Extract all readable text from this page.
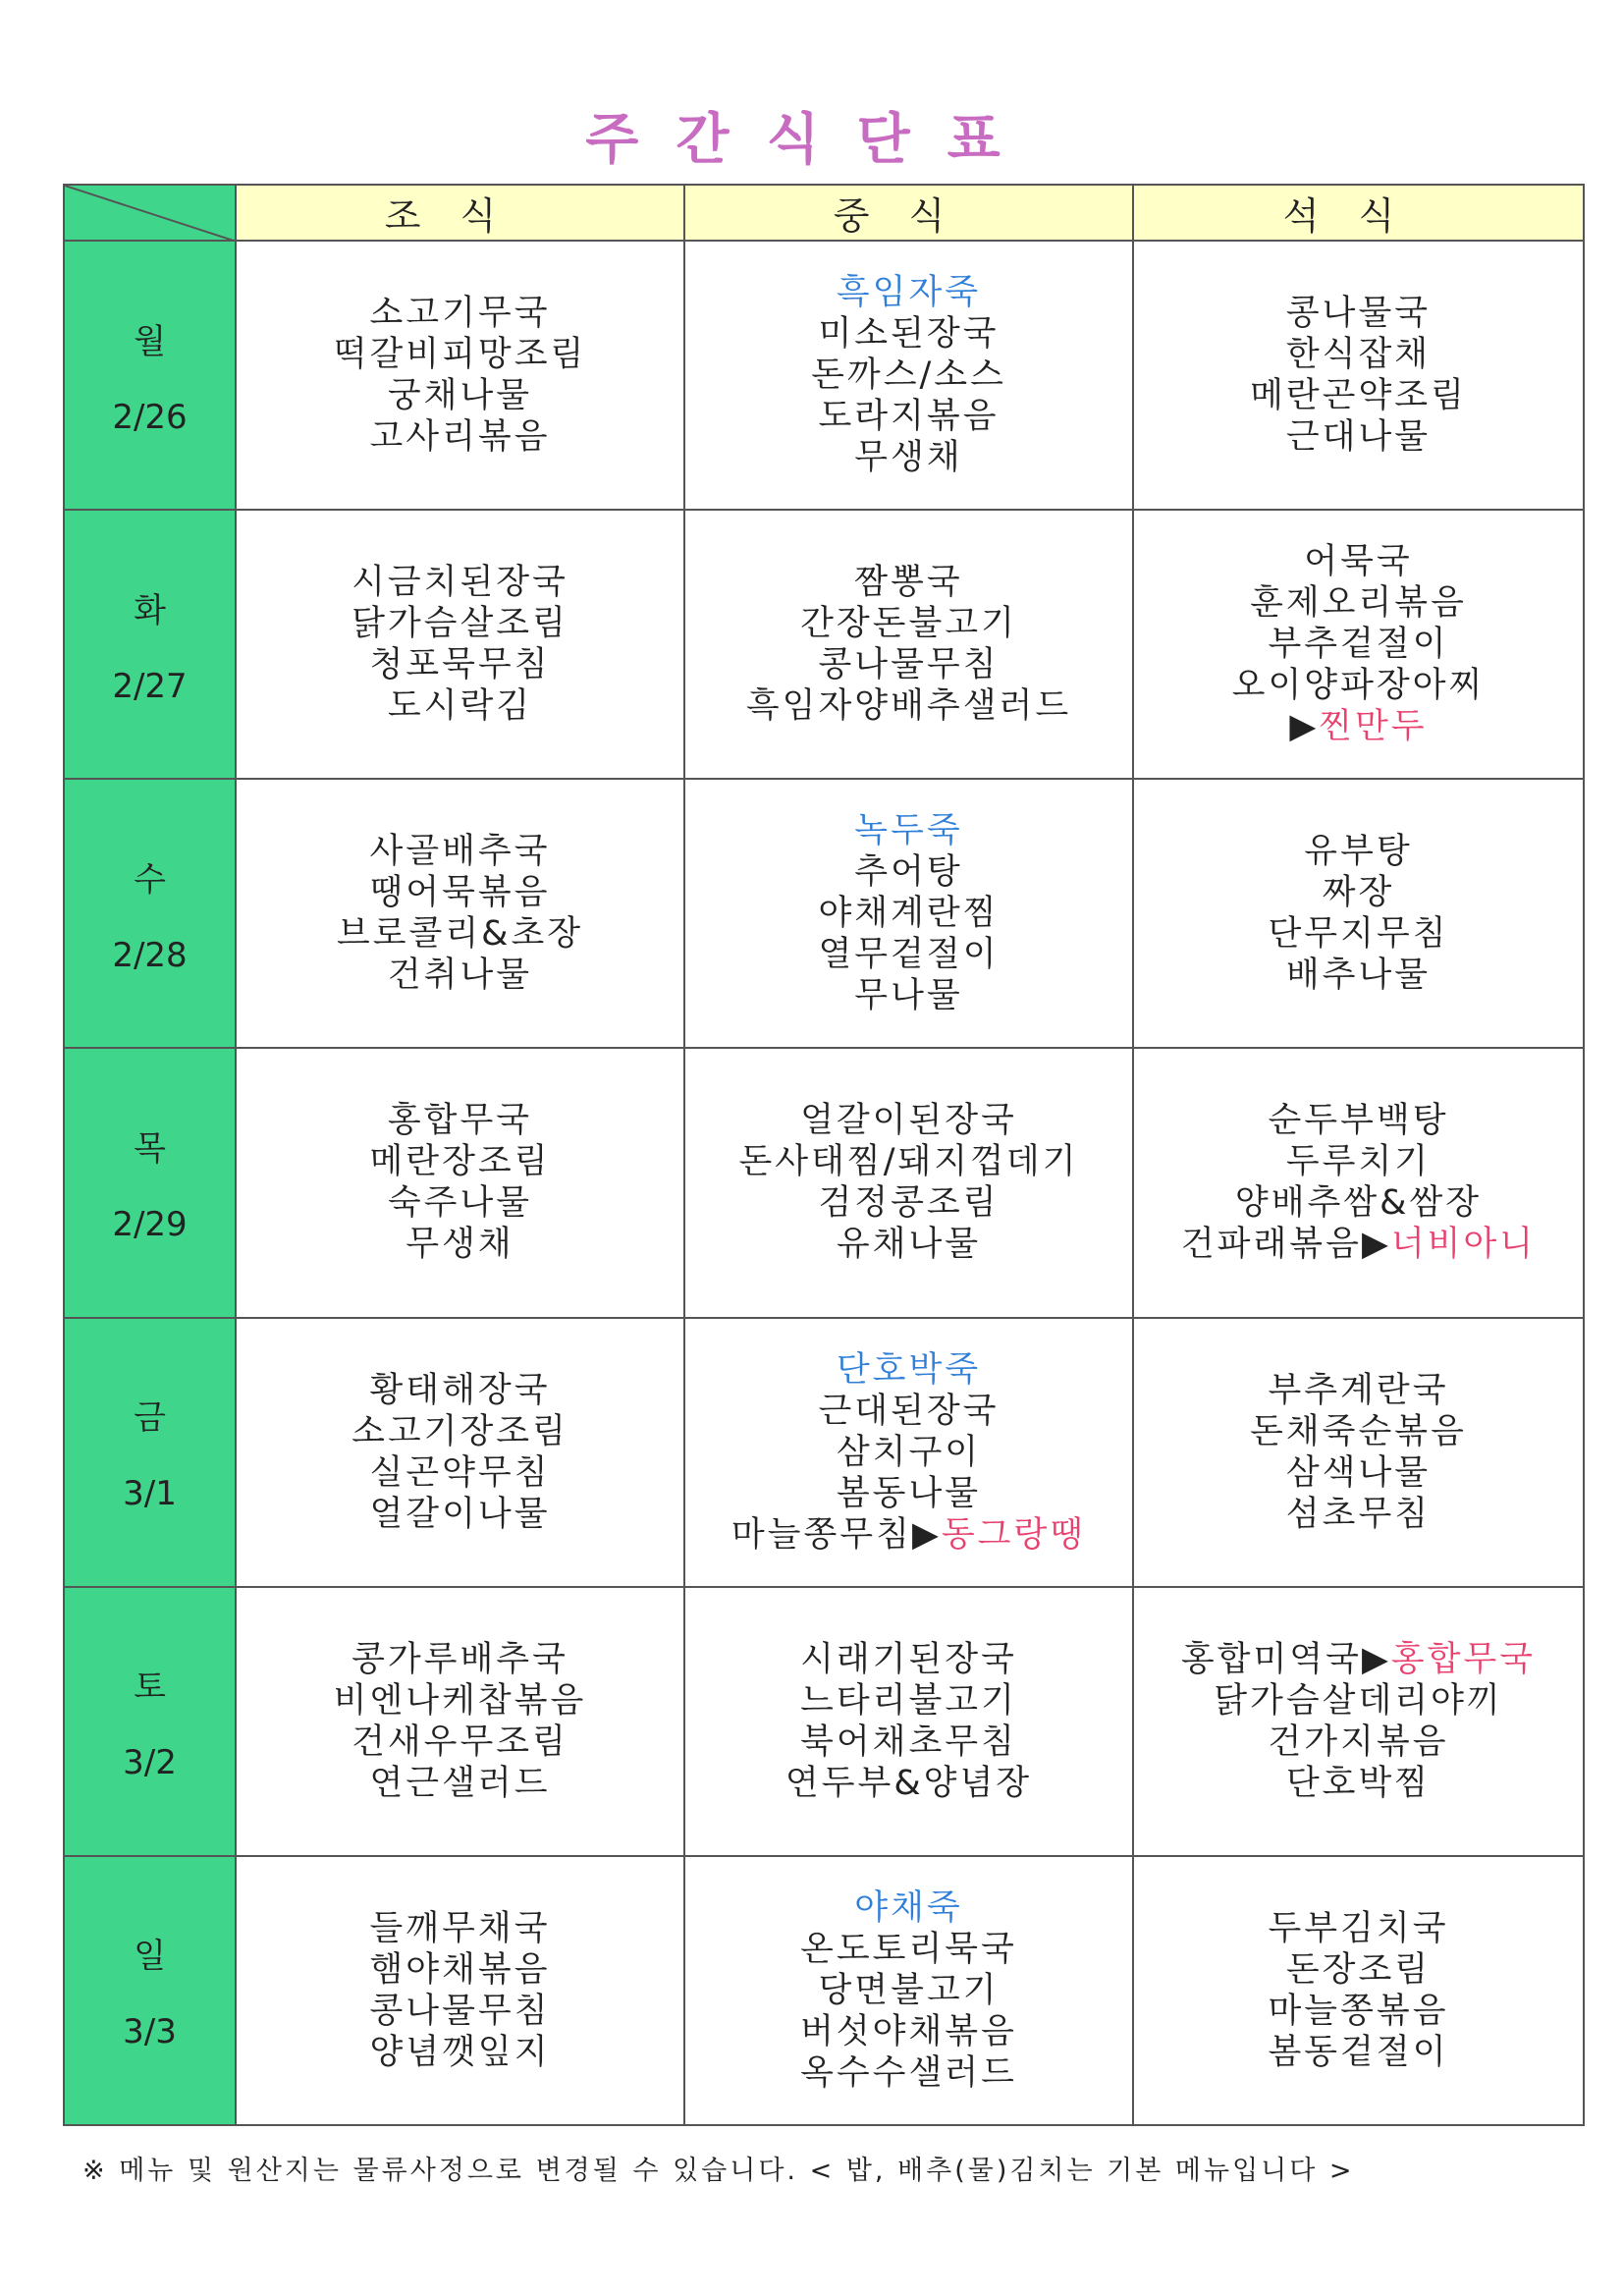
주간식단표
	조식	중식	석식

월
2/26	소고기무국
떡갈비피망조림
궁채나물
고사리볶음	흑임자죽
미소된장국
돈까스/소스
도라지볶음
무생채	콩나물국
한식잡채
메란곤약조림
근대나물

화
2/27	시금치된장국
닭가슴살조림
청포묵무침
도시락김	짬뽕국
간장돈불고기
콩나물무침
흑임자양배추샐러드	어묵국
훈제오리볶음
부추겉절이
오이양파장아찌
▶찐만두

수
2/28	사골배추국
땡어묵볶음
브로콜리&초장
건취나물	녹두죽
추어탕
야채계란찜
열무겉절이
무나물	유부탕
짜장
단무지무침
배추나물

목
2/29	홍합무국
메란장조림
숙주나물
무생채	얼갈이된장국
돈사태찜/돼지껍데기
검정콩조림
유채나물	순두부백탕
두루치기
양배추쌈&쌈장
건파래볶음▶너비아니

금
3/1	황태해장국
소고기장조림
실곤약무침
얼갈이나물	단호박죽
근대된장국
삼치구이
봄동나물
마늘쫑무침▶동그랑땡	부추계란국
돈채죽순볶음
삼색나물
섬초무침

토
3/2	콩가루배추국
비엔나케찹볶음
건새우무조림
연근샐러드	시래기된장국
느타리불고기
북어채초무침
연두부&양념장	홍합미역국▶홍합무국
닭가슴살데리야끼
건가지볶음
단호박찜

일
3/3	들깨무채국
햄야채볶음
콩나물무침
양념깻잎지	야채죽
온도토리묵국
당면불고기
버섯야채볶음
옥수수샐러드	두부김치국
돈장조림
마늘쫑볶음
봄동겉절이
※ 메뉴 및 원산지는 물류사정으로 변경될 수 있습니다. < 밥, 배추(물)김치는 기본 메뉴입니다 >
